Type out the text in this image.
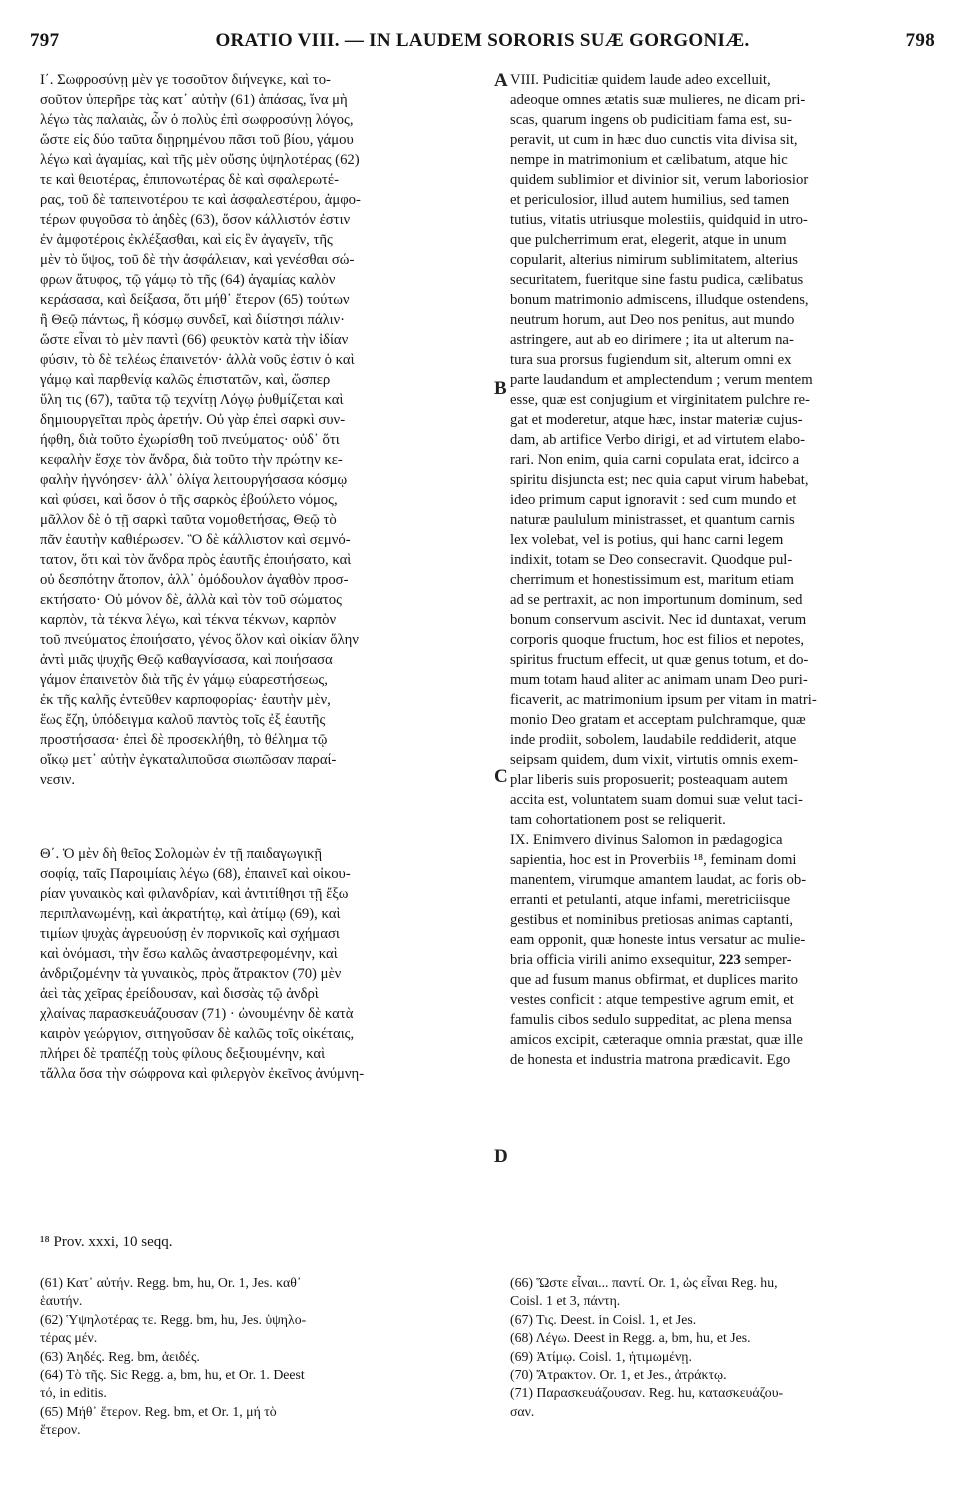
797	ORATIO VIII. — IN LAUDEM SORORIS SUÆ GORGONIÆ.	798
A
B
C
D

Ι΄. Σωφροσύνῃ μὲν γε τοσοῦτον διήνεγκε, καὶ το-

σοῦτον ὑπερῆρε τὰς κατ᾽ αὐτὴν (61) ἁπάσας, ἵνα μὴ

λέγω τὰς παλαιὰς, ὧν ὁ πολὺς ἐπὶ σωφροσύνῃ λόγος,

ὥστε εἰς δύο ταῦτα διῃρημένου πᾶσι τοῦ βίου, γάμου

λέγω καὶ ἀγαμίας, καὶ τῆς μὲν οὔσης ὑψηλοτέρας (62)

τε καὶ θειοτέρας, ἐπιπονωτέρας δὲ καὶ σφαλερωτέ-

ρας, τοῦ δὲ ταπεινοτέρου τε καὶ ἀσφαλεστέρου, ἀμφο-

τέρων φυγοῦσα τὸ ἀηδὲς (63), ὅσον κάλλιστόν ἐστιν

ἐν ἀμφοτέροις ἐκλέξασθαι, καὶ εἰς ἓν ἀγαγεῖν, τῆς

μὲν τὸ ὕψος, τοῦ δὲ τὴν ἀσφάλειαν, καὶ γενέσθαι σώ-

φρων ἄτυφος, τῷ γάμῳ τὸ τῆς (64) ἀγαμίας καλὸν

κεράσασα, καὶ δείξασα, ὅτι μήθ᾽ ἕτερον (65) τούτων

ἢ Θεῷ πάντως, ἢ κόσμῳ συνδεῖ, καὶ διίστησι πάλιν·

ὥστε εἶναι τὸ μὲν παντὶ (66) φευκτὸν κατὰ τὴν ἰδίαν

φύσιν, τὸ δὲ τελέως ἐπαινετόν· ἀλλὰ νοῦς ἐστιν ὁ καὶ

γάμῳ καὶ παρθενίᾳ καλῶς ἐπιστατῶν, καὶ, ὥσπερ

ὕλη τις (67), ταῦτα τῷ τεχνίτῃ Λόγῳ ῥυθμίζεται καὶ

δημιουργεῖται πρὸς ἀρετήν. Οὐ γὰρ ἐπεὶ σαρκὶ συν-

ήφθη, διὰ τοῦτο ἐχωρίσθη τοῦ πνεύματος· οὐδ᾽ ὅτι

κεφαλὴν ἔσχε τὸν ἄνδρα, διὰ τοῦτο τὴν πρώτην κε-

φαλὴν ἠγνόησεν· ἀλλ᾽ ὀλίγα λειτουργήσασα κόσμῳ

καὶ φύσει, καὶ ὅσον ὁ τῆς σαρκὸς ἐβούλετο νόμος,

μᾶλλον δὲ ὁ τῇ σαρκὶ ταῦτα νομοθετήσας, Θεῷ τὸ

πᾶν ἑαυτὴν καθιέρωσεν. Ὃ δὲ κάλλιστον καὶ σεμνό-

τατον, ὅτι καὶ τὸν ἄνδρα πρὸς ἑαυτῆς ἐποιήσατο, καὶ

οὐ δεσπότην ἄτοπον, ἀλλ᾽ ὁμόδουλον ἀγαθὸν προσ-

εκτήσατο· Οὐ μόνον δὲ, ἀλλὰ καὶ τὸν τοῦ σώματος

καρπὸν, τὰ τέκνα λέγω, καὶ τέκνα τέκνων, καρπὸν

τοῦ πνεύματος ἐποιήσατο, γένος ὅλον καὶ οἰκίαν ὅλην

ἀντὶ μιᾶς ψυχῆς Θεῷ καθαγνίσασα, καὶ ποιήσασα

γάμον ἐπαινετὸν διὰ τῆς ἐν γάμῳ εὐαρεστήσεως,

ἐκ τῆς καλῆς ἐντεῦθεν καρποφορίας· ἑαυτὴν μὲν,

ἕως ἔζη, ὑπόδειγμα καλοῦ παντὸς τοῖς ἐξ ἑαυτῆς

προστήσασα· ἐπεὶ δὲ προσεκλήθη, τὸ θέλημα τῷ

οἴκῳ μετ᾽ αὐτὴν ἐγκαταλιποῦσα σιωπῶσαν παραί-

νεσιν.

Θ΄. Ὁ μὲν δὴ θεῖος Σολομὼν ἐν τῇ παιδαγωγικῇ

σοφίᾳ, ταῖς Παροιμίαις λέγω (68), ἐπαινεῖ καὶ οἰκου-

ρίαν γυναικὸς καὶ φιλανδρίαν, καὶ ἀντιτίθησι τῇ ἔξω

περιπλανωμένῃ, καὶ ἀκρατήτῳ, καὶ ἀτίμῳ (69), καὶ

τιμίων ψυχὰς ἀγρευούσῃ ἐν πορνικοῖς καὶ σχήμασι

καὶ ὀνόμασι, τὴν ἔσω καλῶς ἀναστρεφομένην, καὶ

ἀνδριζομένην τὰ γυναικὸς, πρὸς ἄτρακτον (70) μὲν

ἀεὶ τὰς χεῖρας ἐρείδουσαν, καὶ δισσὰς τῷ ἀνδρὶ

χλαίνας παρασκευάζουσαν (71) · ὠνουμένην δὲ κατὰ

καιρὸν γεώργιον, σιτηγοῦσαν δὲ καλῶς τοῖς οἰκέταις,

πλήρει δὲ τραπέζῃ τοὺς φίλους δεξιουμένην, καὶ

τἄλλα ὅσα τὴν σώφρονα καὶ φιλεργὸν ἐκεῖνος ἀνύμνη-

VIII. Pudicitiæ quidem laude adeo excelluit,

adeoque omnes ætatis suæ mulieres, ne dicam pri-

scas, quarum ingens ob pudicitiam fama est, su-

peravit, ut cum in hæc duo cunctis vita divisa sit,

nempe in matrimonium et cælibatum, atque hic

quidem sublimior et divinior sit, verum laboriosior

et periculosior, illud autem humilius, sed tamen

tutius, vitatis utriusque molestiis, quidquid in utro-

que pulcherrimum erat, elegerit, atque in unum

copularit, alterius nimirum sublimitatem, alterius

securitatem, fueritque sine fastu pudica, cælibatus

bonum matrimonio admiscens, illudque ostendens,

neutrum horum, aut Deo nos penitus, aut mundo

astringere, aut ab eo dirimere ; ita ut alterum na-

tura sua prorsus fugiendum sit, alterum omni ex

parte laudandum et amplectendum ; verum mentem

esse, quæ est conjugium et virginitatem pulchre re-

gat et moderetur, atque hæc, instar materiæ cujus-

dam, ab artifice Verbo dirigi, et ad virtutem elabo-

rari. Non enim, quia carni copulata erat, idcirco a

spiritu disjuncta est; nec quia caput virum habebat,

ideo primum caput ignoravit : sed cum mundo et

naturæ paululum ministrasset, et quantum carnis

lex volebat, vel is potius, qui hanc carni legem

indixit, totam se Deo consecravit. Quodque pul-

cherrimum et honestissimum est, maritum etiam

ad se pertraxit, ac non importunum dominum, sed

bonum conservum ascivit. Nec id duntaxat, verum

corporis quoque fructum, hoc est filios et nepotes,

spiritus fructum effecit, ut quæ genus totum, et do-

mum totam haud aliter ac animam unam Deo puri-

ficaverit, ac matrimonium ipsum per vitam in matri-

monio Deo gratam et acceptam pulchramque, quæ

inde prodiit, sobolem, laudabile reddiderit, atque

seipsam quidem, dum vixit, virtutis omnis exem-

plar liberis suis proposuerit; posteaquam autem

accita est, voluntatem suam domui suæ velut taci-

tam cohortationem post se reliquerit.

IX. Enimvero divinus Salomon in pædagogica

sapientia, hoc est in Proverbiis ¹⁸, feminam domi

manentem, virumque amantem laudat, ac foris ob-

erranti et petulanti, atque infami, meretriciisque

gestibus et nominibus pretiosas animas captanti,

eam opponit, quæ honeste intus versatur ac mulie-

bria officia virili animo exsequitur, 223 semper-

que ad fusum manus obfirmat, et duplices marito

vestes conficit : atque tempestive agrum emit, et

famulis cibos sedulo suppeditat, ac plena mensa

amicos excipit, cæteraque omnia præstat, quæ ille

de honesta et industria matrona prædicavit. Ego

¹⁸ Prov. xxxi, 10 seqq.

(61) Κατ᾽ αὐτήν. Regg. bm, hu, Or. 1, Jes. καθ᾽

ἑαυτήν.

(62) Ὑψηλοτέρας τε. Regg. bm, hu, Jes. ὑψηλο-

τέρας μέν.

(63) Ἀηδές. Reg. bm, ἀειδές.

(64) Τὸ τῆς. Sic Regg. a, bm, hu, et Or. 1. Deest

τό, in editis.

(65) Μήθ᾽ ἕτερον. Reg. bm, et Or. 1, μή τὸ

ἕτερον.

(66) Ὥστε εἶναι... παντί. Or. 1, ὡς εἶναι Reg. hu,

Coisl. 1 et 3, πάντη.

(67) Τις. Deest. in Coisl. 1, et Jes.

(68) Λέγω. Deest in Regg. a, bm, hu, et Jes.

(69) Ἀτίμῳ. Coisl. 1, ἠτιμωμένῃ.

(70) Ἄτρακτον. Or. 1, et Jes., ἀτράκτῳ.

(71) Παρασκευάζουσαν. Reg. hu, κατασκευάζου-

σαν.
